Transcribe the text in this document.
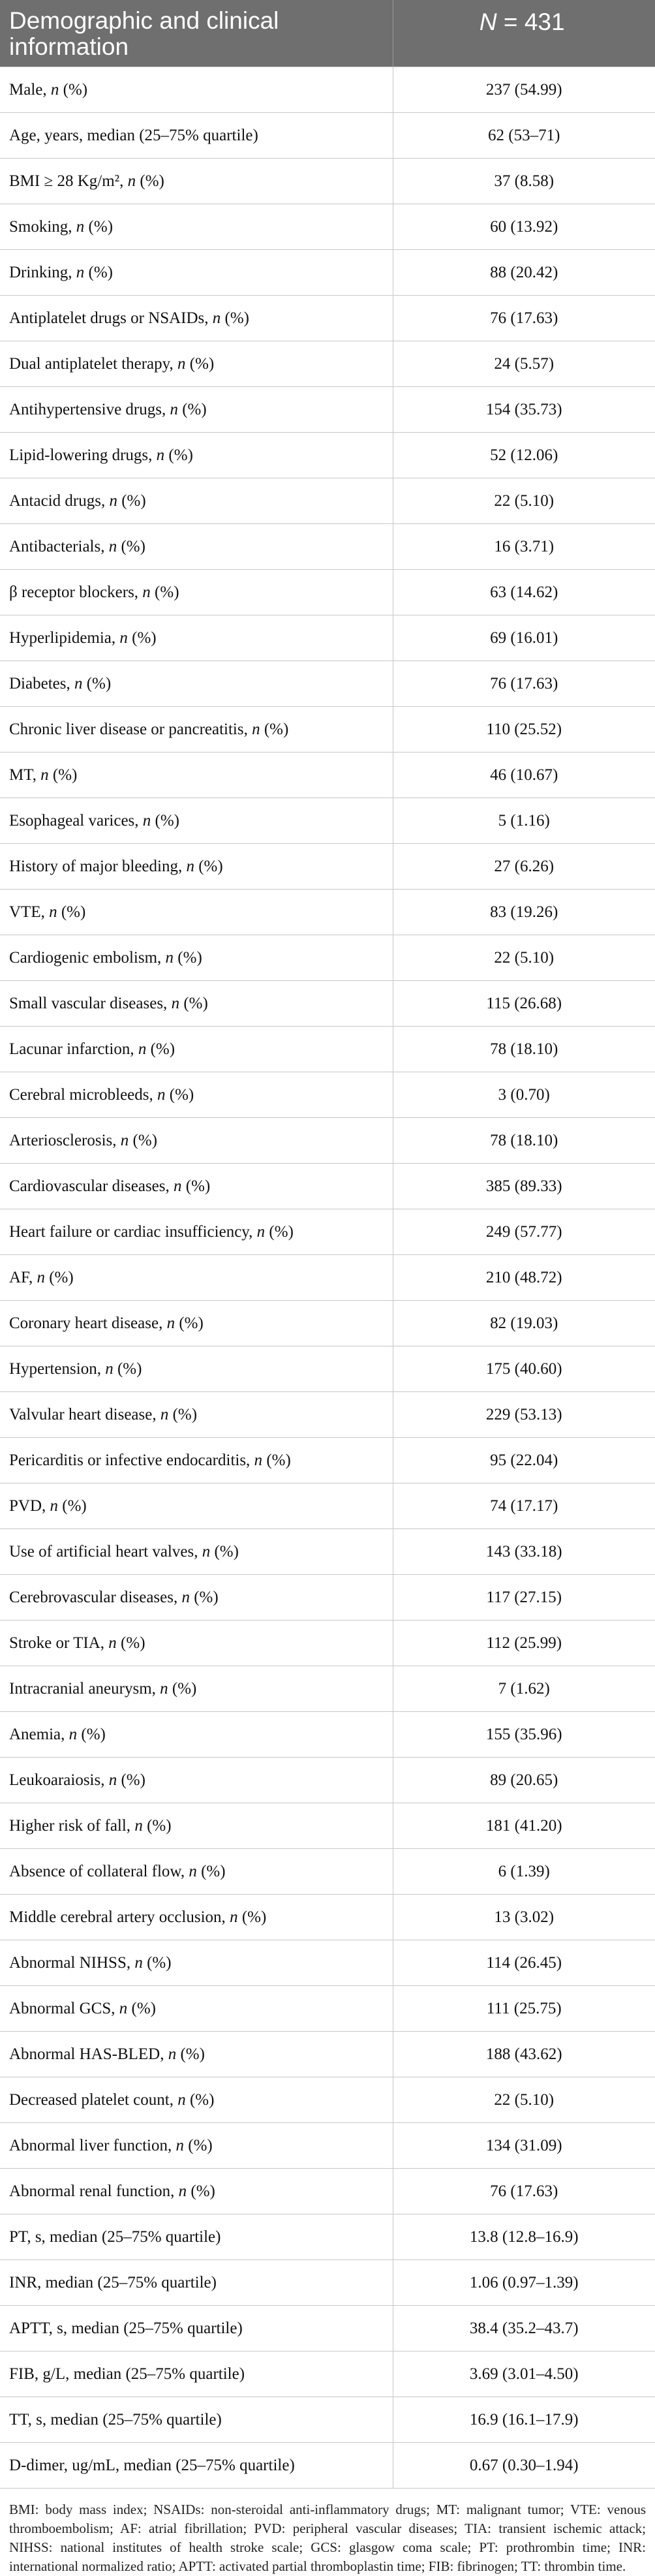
Demographic and clinical information	N = 431
Male, n (%)	237 (54.99)
Age, years, median (25–75% quartile)	62 (53–71)
BMI ≥ 28 Kg/m², n (%)	37 (8.58)
Smoking, n (%)	60 (13.92)
Drinking, n (%)	88 (20.42)
Antiplatelet drugs or NSAIDs, n (%)	76 (17.63)
Dual antiplatelet therapy, n (%)	24 (5.57)
Antihypertensive drugs, n (%)	154 (35.73)
Lipid-lowering drugs, n (%)	52 (12.06)
Antacid drugs, n (%)	22 (5.10)
Antibacterials, n (%)	16 (3.71)
β receptor blockers, n (%)	63 (14.62)
Hyperlipidemia, n (%)	69 (16.01)
Diabetes, n (%)	76 (17.63)
Chronic liver disease or pancreatitis, n (%)	110 (25.52)
MT, n (%)	46 (10.67)
Esophageal varices, n (%)	5 (1.16)
History of major bleeding, n (%)	27 (6.26)
VTE, n (%)	83 (19.26)
Cardiogenic embolism, n (%)	22 (5.10)
Small vascular diseases, n (%)	115 (26.68)
Lacunar infarction, n (%)	78 (18.10)
Cerebral microbleeds, n (%)	3 (0.70)
Arteriosclerosis, n (%)	78 (18.10)
Cardiovascular diseases, n (%)	385 (89.33)
Heart failure or cardiac insufficiency, n (%)	249 (57.77)
AF, n (%)	210 (48.72)
Coronary heart disease, n (%)	82 (19.03)
Hypertension, n (%)	175 (40.60)
Valvular heart disease, n (%)	229 (53.13)
Pericarditis or infective endocarditis, n (%)	95 (22.04)
PVD, n (%)	74 (17.17)
Use of artificial heart valves, n (%)	143 (33.18)
Cerebrovascular diseases, n (%)	117 (27.15)
Stroke or TIA, n (%)	112 (25.99)
Intracranial aneurysm, n (%)	7 (1.62)
Anemia, n (%)	155 (35.96)
Leukoaraiosis, n (%)	89 (20.65)
Higher risk of fall, n (%)	181 (41.20)
Absence of collateral flow, n (%)	6 (1.39)
Middle cerebral artery occlusion, n (%)	13 (3.02)
Abnormal NIHSS, n (%)	114 (26.45)
Abnormal GCS, n (%)	111 (25.75)
Abnormal HAS-BLED, n (%)	188 (43.62)
Decreased platelet count, n (%)	22 (5.10)
Abnormal liver function, n (%)	134 (31.09)
Abnormal renal function, n (%)	76 (17.63)
PT, s, median (25–75% quartile)	13.8 (12.8–16.9)
INR, median (25–75% quartile)	1.06 (0.97–1.39)
APTT, s, median (25–75% quartile)	38.4 (35.2–43.7)
FIB, g/L, median (25–75% quartile)	3.69 (3.01–4.50)
TT, s, median (25–75% quartile)	16.9 (16.1–17.9)
D-dimer, ug/mL, median (25–75% quartile)	0.67 (0.30–1.94)
BMI: body mass index; NSAIDs: non-steroidal anti-inflammatory drugs; MT: malignant tumor; VTE: venous thromboembolism; AF: atrial fibrillation; PVD: peripheral vascular diseases; TIA: transient ischemic attack; NIHSS: national institutes of health stroke scale; GCS: glasgow coma scale; PT: prothrombin time; INR: international normalized ratio; APTT: activated partial thromboplastin time; FIB: fibrinogen; TT: thrombin time.
